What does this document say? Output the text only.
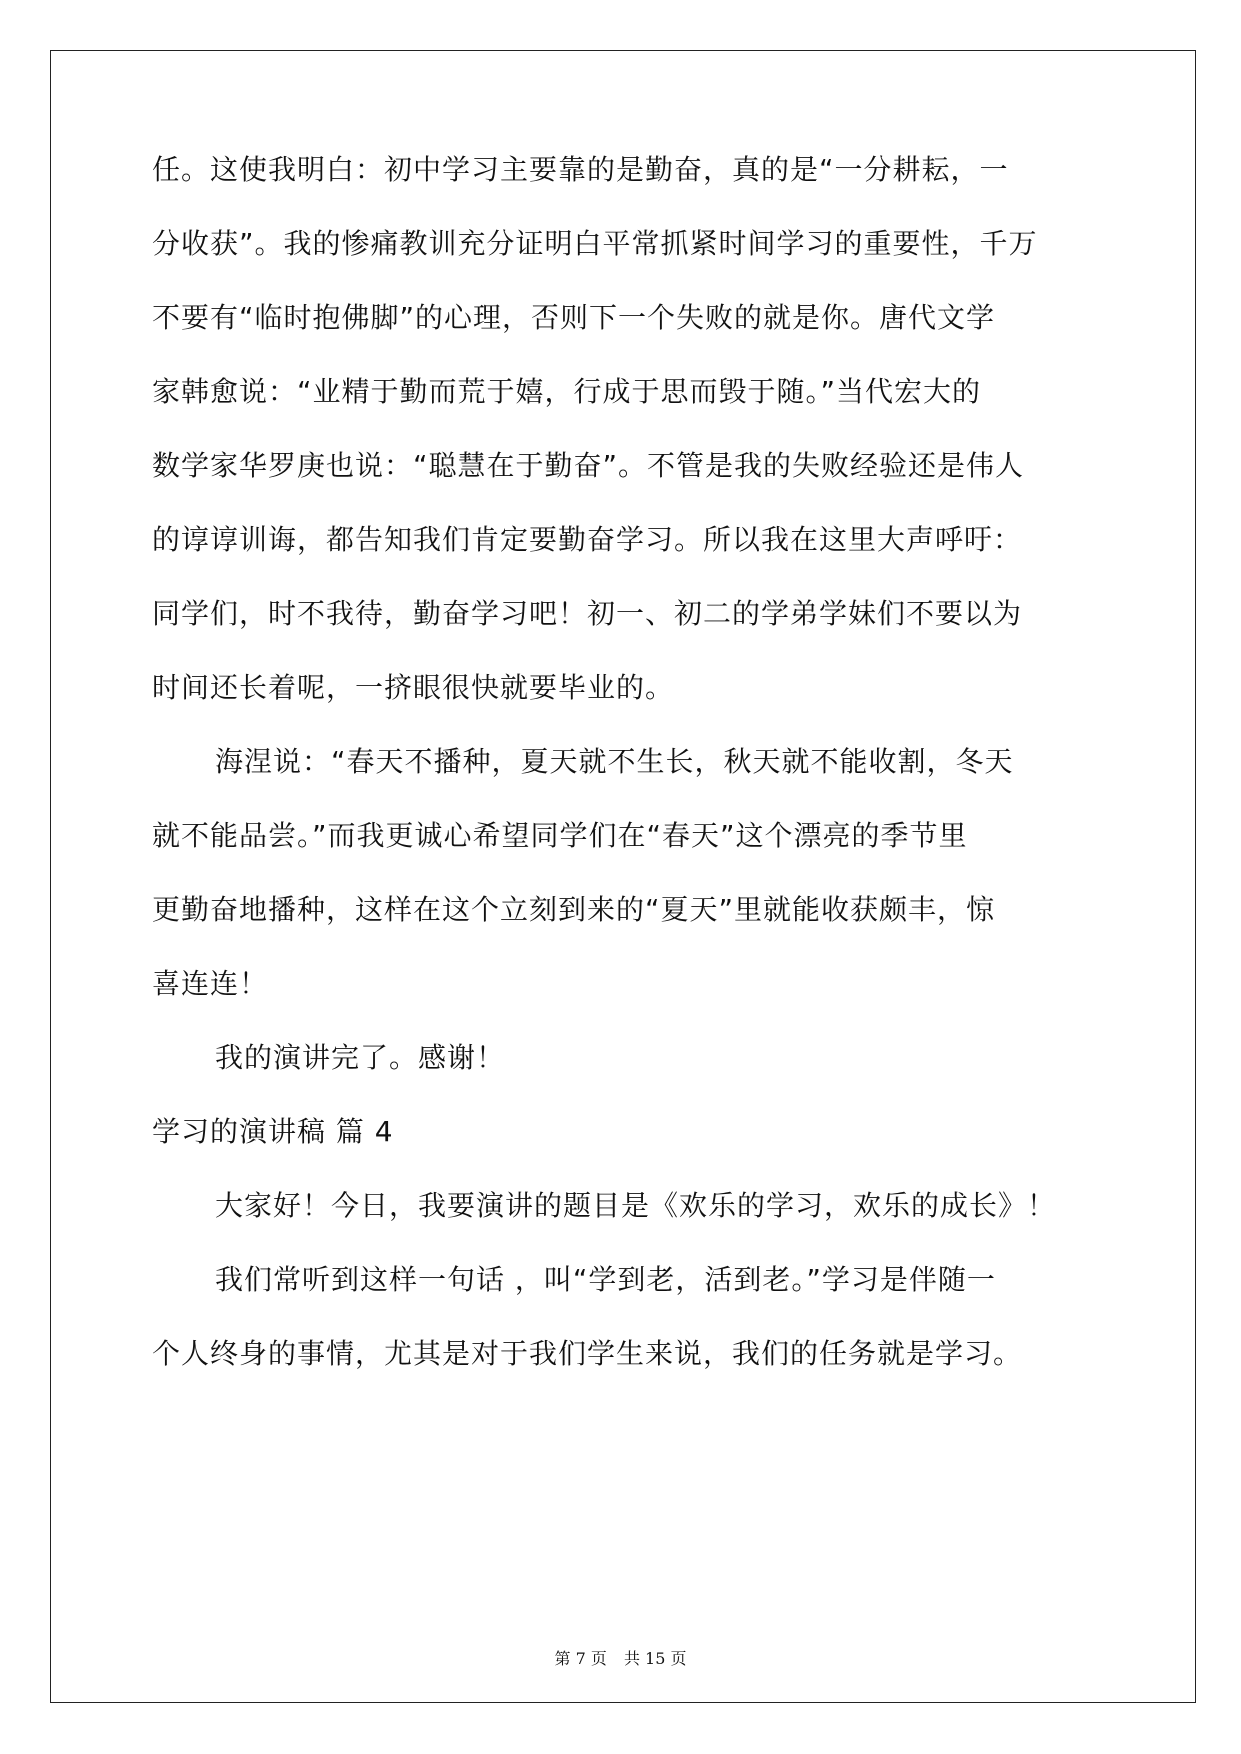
任。这使我明白：初中学习主要靠的是勤奋，真的是“一分耕耘，一
分收获”。我的惨痛教训充分证明白平常抓紧时间学习的重要性，千万
不要有“临时抱佛脚”的心理，否则下一个失败的就是你。唐代文学
家韩愈说：“业精于勤而荒于嬉，行成于思而毁于随。”当代宏大的
数学家华罗庚也说：“聪慧在于勤奋”。不管是我的失败经验还是伟人
的谆谆训诲，都告知我们肯定要勤奋学习。所以我在这里大声呼吁：
同学们，时不我待，勤奋学习吧！初一、初二的学弟学妹们不要以为
时间还长着呢，一挤眼很快就要毕业的。
海涅说：“春天不播种，夏天就不生长，秋天就不能收割，冬天
就不能品尝。”而我更诚心希望同学们在“春天”这个漂亮的季节里
更勤奋地播种，这样在这个立刻到来的“夏天”里就能收获颇丰，惊
喜连连！
我的演讲完了。感谢！
学习的演讲稿 篇 4
大家好！今日，我要演讲的题目是《欢乐的学习，欢乐的成长》！
我们常听到这样一句话 ，叫“学到老，活到老。”学习是伴随一
个人终身的事情，尤其是对于我们学生来说，我们的任务就是学习。
第 7 页 共 15 页
